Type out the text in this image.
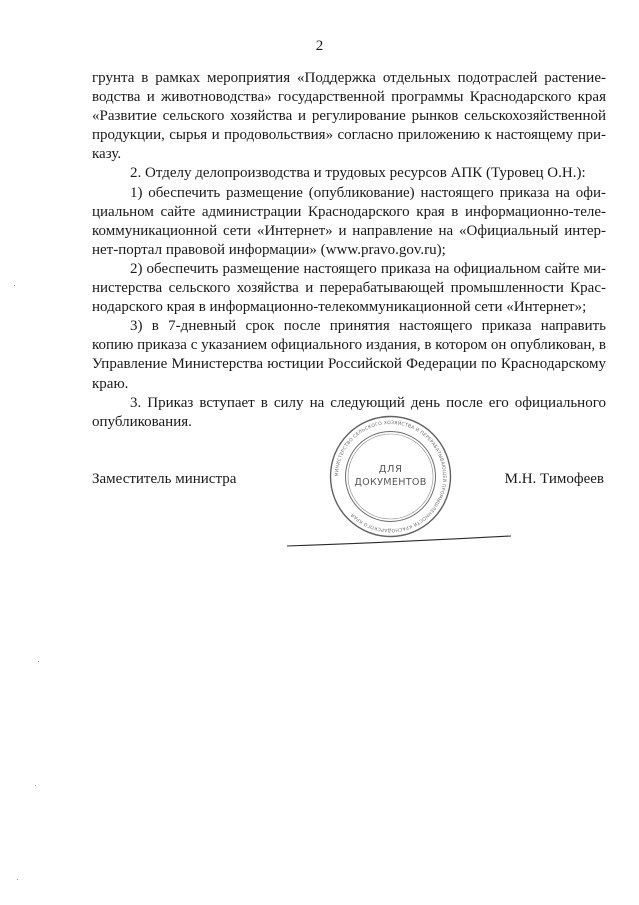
2

грунта в рамках мероприятия «Поддержка отдельных подотраслей растение- водства и животноводства» государственной программы Краснодарского края «Развитие сельского хозяйства и регулирование рынков сельскохозяйственной продукции, сырья и продовольствия» согласно приложению к настоящему при- казу.

2. Отделу делопроизводства и трудовых ресурсов АПК (Туровец О.Н.):

1) обеспечить размещение (опубликование) настоящего приказа на офи- циальном сайте администрации Краснодарского края в информационно-теле- коммуникационной сети «Интернет» и направление на «Официальный интер- нет-портал правовой информации» (www.pravo.gov.ru);

2) обеспечить размещение настоящего приказа на официальном сайте ми- нистерства сельского хозяйства и перерабатывающей промышленности Крас- нодарского края в информационно-телекоммуникационной сети «Интернет»;

3) в 7-дневный срок после принятия настоящего приказа направить копию приказа с указанием официального издания, в котором он опубликован, в Управление Министерства юстиции Российской Федерации по Краснодарскому краю.

3. Приказ вступает в силу на следующий день после его официального опубликования.

Заместитель министра	М.Н. Тимофеев
МИНИСТЕРСТВО СЕЛЬСКОГО ХОЗЯЙСТВА И ПЕРЕРАБАТЫВАЮЩЕЙ ПРОМЫШЛЕННОСТИ КРАСНОДАРСКОГО КРАЯ
ДЛЯ
ДОКУМЕНТОВ
